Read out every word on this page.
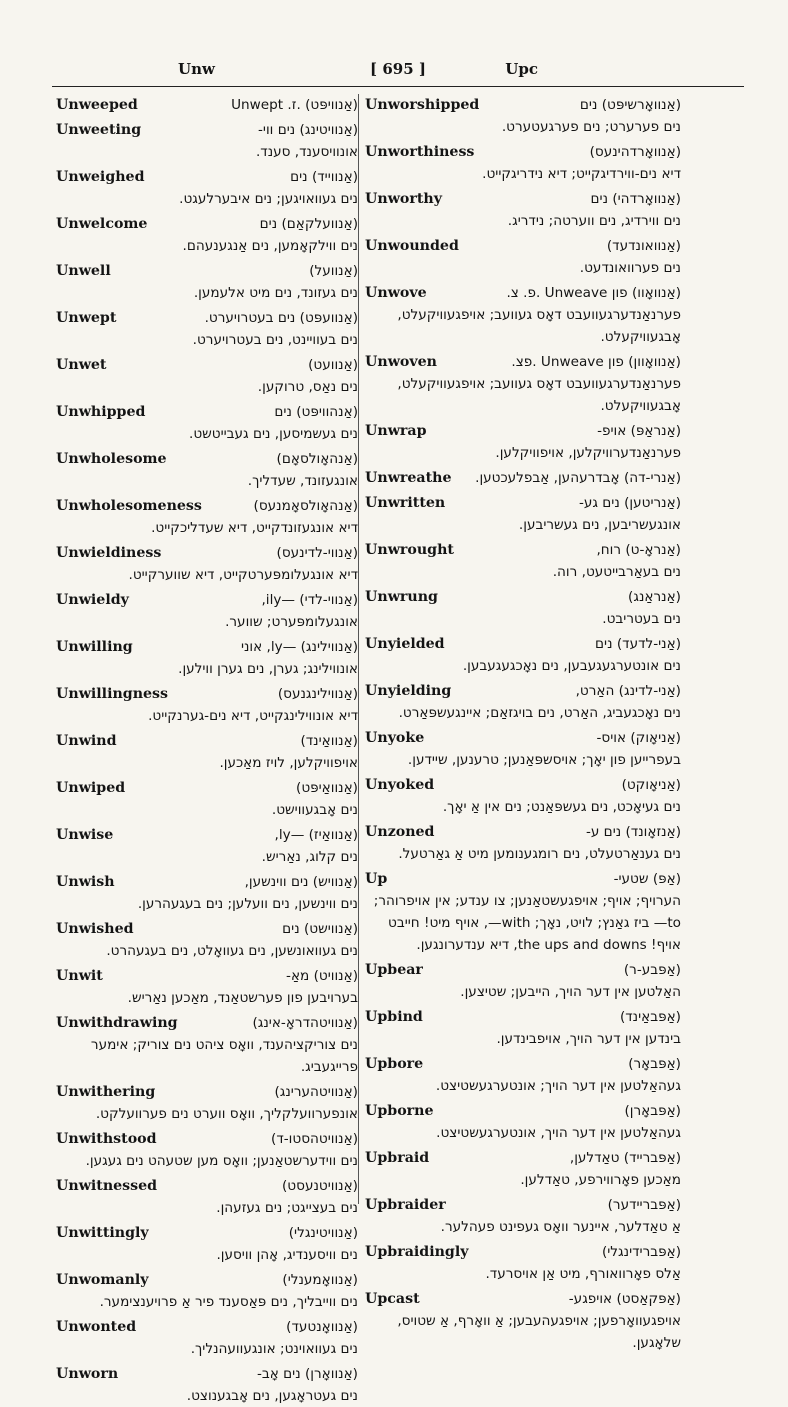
Unw	[ 695 ]	Upc
Unweeped	(אַנוויפּט) .ז. Unwept
Unweeting	(אַנוויטינג) נים ווי-
אונוויסענד, סענד.
Unweighed	(אַנווייד) נים
נים געוואויגען; נים איבערלעגט.
Unwelcome	(אַנוועלקאַם) נים
נים ווילקאָמען, נים אַנגענעהם.
Unwell	(אַנוועל)
נים געזונד, נים מיט אלעמען.
Unwept	(אַנוועפּט) נים בעטרויערט.
נים בעוויינט, נים בעטרויערט.
Unwet	(אַנוועט)
נים נאַס, טרוקען.
Unwhipped	(אַנהוויפּט) נים
נים געשמיסען, נים געבייטשט.
Unwholesome	(אַנהאָולסאָם)
אונגעזונד, שעדליך.
Unwholesomeness	(אַנהאָולסאָמנעס)
דיא אונגעזונדקייט, דיא שעדליכקייט.
Unwieldiness	(אַנווי-לדינעס)
דיא אונגעלומפּערטקייט, דיא שווערקייט.
Unwieldy	(אַנווי-לדי) —ily,
אונגעלומפּערט; שווער.
Unwilling	(אַנווילינג) —ly, אוני
אונווילינג; גערן, נים גערן ווילען.
Unwillingness	(אַנווילינגנעס)
דיא אונווילינגקייט, דיא נים-גערנקייט.
Unwind	(אַנוואַינד)
אויפוויקלען, לויז מאַכען.
Unwiped	(אַנוואַיפּט)
נים אָבגעווישט.
Unwise	(אַנוואַיז) —ly,
נים קלוג, נאַריש.
Unwish	(אַנוויש) נים ווינשען,
נים ווינשען, נים וועלען; נים בעגעהרען.
Unwished	(אַנווישט) נים
נים געוואונשען, נים געוואָלט, נים בעגעהרט.
Unwit	(אַנוויט) מאַ-
בערויבען פון פערשטאַנד, מאַכען נאַריש.
Unwithdrawing	(אַנוויטהדראָ-אינג)
נים צוריקציהענד, וואָס ציהט נים צוריק; אימער פרייגעביג.
Unwithering	(אַנוויטהערינג)
אונפערוועלקליך, וואָס ווערט נים פערוועלקט.
Unwithstood	(אַנוויטהסטו-ד)
נים ווידערשטאַנען; וואָס מען שטעהט נים געגען.
Unwitnessed	(אַנוויטנעסט)
נים בעצייגט; נים געזעהן.
Unwittingly	(אַנוויטינגלי)
נים וויסענדיג, אָהן וויסען.
Unwomanly	(אַנוואָמענלי)
נים ווייבליך, נים פּאַסענד פיר אַ פרויענצימער.
Unwonted	(אַנוואָנטעד)
נים געוואוינט; אונגעוועהנליך.
Unworn	(אַנוואָרן) נים אָב-
נים געטראָגען, נים אָבגענוצט.
Unworshipped	(אַנוואָרשיפּט) נים
נים פערערט; נים פערגעטערט.
Unworthiness	(אַנוואָרדהינעס)
דיא נים-ווירדיגקייט; דיא נידריגקייט.
Unworthy	(אַנוואָרדהי) נים
נים ווירדיג, נים ווערטה; נידריג.
Unwounded	(אַנוואונדעד)
נים פערוואונדעט.
Unwove	(אַנוואָוו) פון Unweave .פ. צ.
פערנאַנדערגעוועבט דאָס געוועב; אויפגעוויקעלט, אָבגעוויקעלט.
Unwoven	(אַנוואָוון) פון Unweave .פצ.
פערנאַנדערגעוועבט דאָס געוועב; אויפגעוויקעלט, אָבגעוויקעלט.
Unwrap	(אַנראַפּ) אויפ-
פערנאַנדערוויקלען, אויפוויקלען.
Unwreathe	(אַנרי-דה) אָבדרעהען, אַבפלעכטען.
Unwritten	(אַנריטען) נים גע-
אונגעשריבען, נים געשריבען.
Unwrought	(אַנראָ-ט) רוח,
נים בעאַרבייטעט, רוה.
Unwrung	(אַנראַנג)
נים בעטריבט.
Unyielded	(אַני-לדעד) נים
נים אונטערגעגעבען, נים נאָכגעגעבען.
Unyielding	(אַני-לדינג) האַרט,
נים נאָכגעביג, האַרט, נים בויגזאַם; איינגעשפּאַרט.
Unyoke	(אַניאָוק) אויס-
בעפרייען פון יאָך; אויסשפּאַנען; טרענען, שיידען.
Unyoked	(אַניאָוקט)
נים געיאָכט, נים געשפּאַנט; נים אין אַ יאָך.
Unzoned	(אַנזאָונד) נים ע-
נים גענאַרטעלט, נים רומגענומען מיט אַ גאַרטעל.
Up	(אַפּ) שטעי-
הערויף; אויף; אויפגעשטאַנען; צו ענדע; אין אויפרוהר; to— ביז גאַנץ; לויט, נאָך; with—, אויף מיט! חייבט אויף! the ups and downs, דיא ענדערונגען.
Upbear	(אַפּבע-ר)
האַלטען אין דער הויך, הייבען; שטיצען.
Upbind	(אַפּבאַינד)
בינדען אין דער הויך, אויפבינדען.
Upbore	(אַפּבאָר)
געהאַלטען אין דער הויך; אונטערגעשטיצט.
Upborne	(אַפּבאָרן)
געהאַלטען אין דער הויך, אונטערגעשטיצט.
Upbraid	(אַפּברייד) טאַדלען,
מאַכען פאָרווירפע, טאַדלען.
Upbraider	(אַפּבריידער)
אַ טאַדלער, איינער וואָס געפינט פעהלער.
Upbraidingly	(אַפּברידינגלי)
אַלס פאָרוואורף, מיט אַן אויסרעד.
Upcast	(אַפּקאַסט) אויפגע-
אויפגעוואָרפען; אויפגעהעבען; אַ וואָרף, אַ שטויס, שלאָגען.
